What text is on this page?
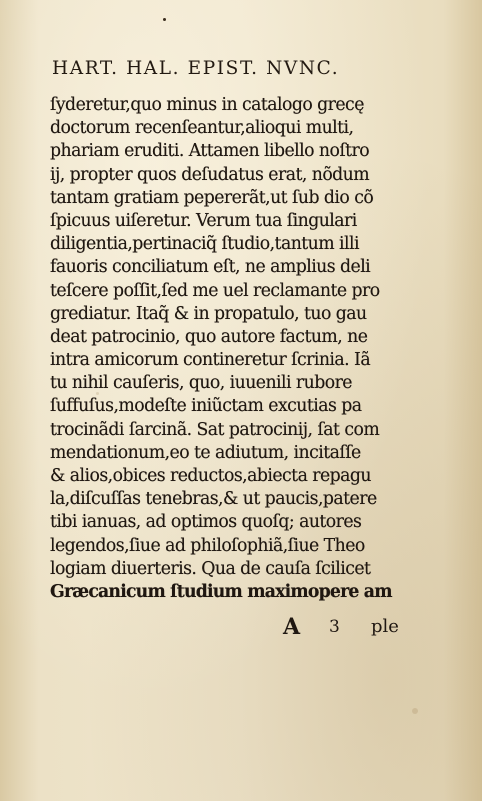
HART. HAL. EPIST. NVNC.
ſyderetur,quo minus in catalogo grecę
doctorum recenſeantur,alioqui multi,
phariam eruditi. Attamen libello noſtro
ij, propter quos deſudatus erat, nõdum
tantam gratiam pepererãt,ut ſub dio cõ
ſpicuus uiſeretur. Verum tua ſingulari
diligentia,pertinaciq̃ ſtudio,tantum illi
fauoris conciliatum eſt, ne amplius deli
teſcere poſſit,ſed me uel reclamante pro
grediatur. Itaq̃ & in propatulo, tuo gau
deat patrocinio, quo autore factum, ne
intra amicorum contineretur ſcrinia. Iã
tu nihil cauſeris, quo, iuuenili rubore
ſuffuſus,modeſte iniũctam excutias pa
trocinãdi ſarcinã. Sat patrocinij, ſat com
mendationum,eo te adiutum, incitaſſe
& alios,obices reductos,abiecta repagu
la,diſcuſſas tenebras,& ut paucis,patere
tibi ianuas, ad optimos quoſq; autores
legendos,ſiue ad philoſophiã,ſiue Theo
logiam diuerteris. Qua de cauſa ſcilicet
Græcanicum ſtudium maximopere am
A 3 ple
